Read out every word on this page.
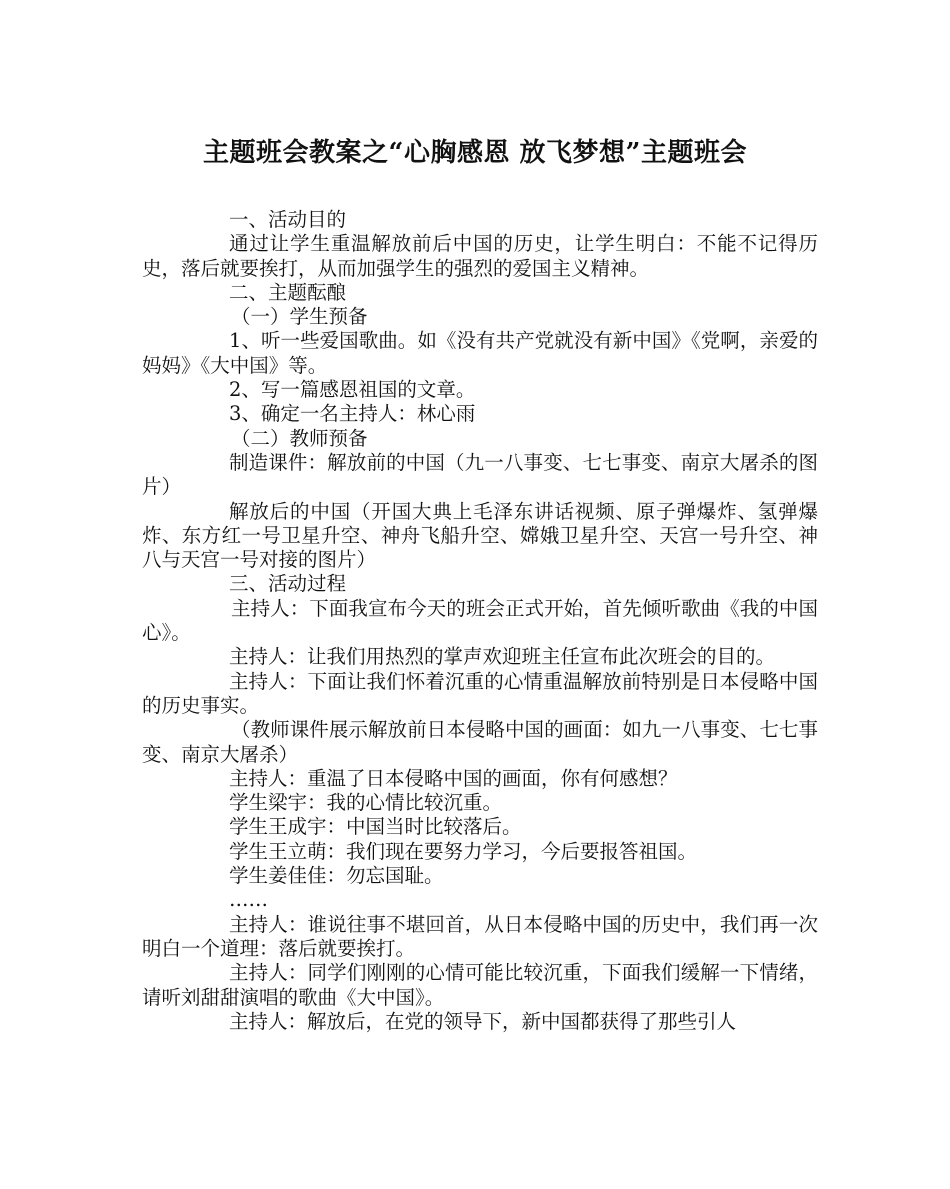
主题班会教案之“心胸感恩 放飞梦想”主题班会

一、活动目的

通过让学生重温解放前后中国的历史，让学生明白：不能不记得历史，落后就要挨打，从而加强学生的强烈的爱国主义精神。

二、主题酝酿

（一）学生预备

1、听一些爱国歌曲。如《没有共产党就没有新中国》《党啊，亲爱的妈妈》《大中国》等。

2、写一篇感恩祖国的文章。

3、确定一名主持人：林心雨

（二）教师预备

制造课件：解放前的中国（九一八事变、七七事变、南京大屠杀的图片）

解放后的中国（开国大典上毛泽东讲话视频、原子弹爆炸、氢弹爆炸、东方红一号卫星升空、神舟飞船升空、嫦娥卫星升空、天宫一号升空、神八与天宫一号对接的图片）

三、活动过程

主持人：下面我宣布今天的班会正式开始，首先倾听歌曲《我的中国心》。

主持人：让我们用热烈的掌声欢迎班主任宣布此次班会的目的。

主持人：下面让我们怀着沉重的心情重温解放前特别是日本侵略中国的历史事实。

（教师课件展示解放前日本侵略中国的画面：如九一八事变、七七事变、南京大屠杀）

主持人：重温了日本侵略中国的画面，你有何感想？

学生梁宇：我的心情比较沉重。

学生王成宇：中国当时比较落后。

学生王立萌：我们现在要努力学习，今后要报答祖国。

学生姜佳佳：勿忘国耻。

……

主持人：谁说往事不堪回首，从日本侵略中国的历史中，我们再一次明白一个道理：落后就要挨打。

主持人：同学们刚刚的心情可能比较沉重，下面我们缓解一下情绪，请听刘甜甜演唱的歌曲《大中国》。

主持人：解放后，在党的领导下，新中国都获得了那些引人
